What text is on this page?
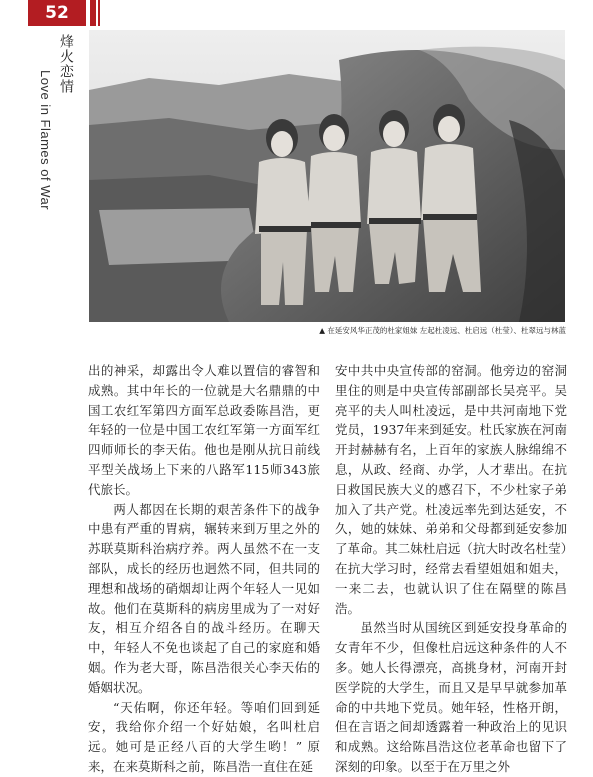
52
烽火恋情
Love in Flames of War
▲ 在延安风华正茂的杜家姐妹 左起杜凌远、杜启远（杜莹）、杜翠远与林蓝

出的神采，却露出令人难以置信的睿智和成熟。其中年长的一位就是大名鼎鼎的中国工农红军第四方面军总政委陈昌浩，更年轻的一位是中国工农红军第一方面军红四师师长的李天佑。他也是刚从抗日前线平型关战场上下来的八路军115师343旅代旅长。

两人都因在长期的艰苦条件下的战争中患有严重的胃病，辗转来到万里之外的苏联莫斯科治病疗养。两人虽然不在一支部队，成长的经历也迥然不同，但共同的理想和战场的硝烟却让两个年轻人一见如故。他们在莫斯科的病房里成为了一对好友，相互介绍各自的战斗经历。在聊天中，年轻人不免也谈起了自己的家庭和婚姻。作为老大哥，陈昌浩很关心李天佑的婚姻状况。

“天佑啊，你还年轻。等咱们回到延安，我给你介绍一个好姑娘，名叫杜启远。她可是正经八百的大学生哟！” 原来，在来莫斯科之前，陈昌浩一直住在延

安中共中央宣传部的窑洞。他旁边的窑洞里住的则是中央宣传部副部长吴亮平。吴亮平的夫人叫杜凌远，是中共河南地下党党员，1937年来到延安。杜氏家族在河南开封赫赫有名，上百年的家族人脉绵绵不息，从政、经商、办学，人才辈出。在抗日救国民族大义的感召下，不少杜家子弟加入了共产党。杜凌远率先到达延安，不久，她的妹妹、弟弟和父母都到延安参加了革命。其二妹杜启远（抗大时改名杜莹）在抗大学习时，经常去看望姐姐和姐夫，一来二去，也就认识了住在隔壁的陈昌浩。

虽然当时从国统区到延安投身革命的女青年不少，但像杜启远这种条件的人不多。她人长得漂亮，高挑身材，河南开封医学院的大学生，而且又是早早就参加革命的中共地下党员。她年轻，性格开朗，但在言语之间却透露着一种政治上的见识和成熟。这给陈昌浩这位老革命也留下了深刻的印象。以至于在万里之外
